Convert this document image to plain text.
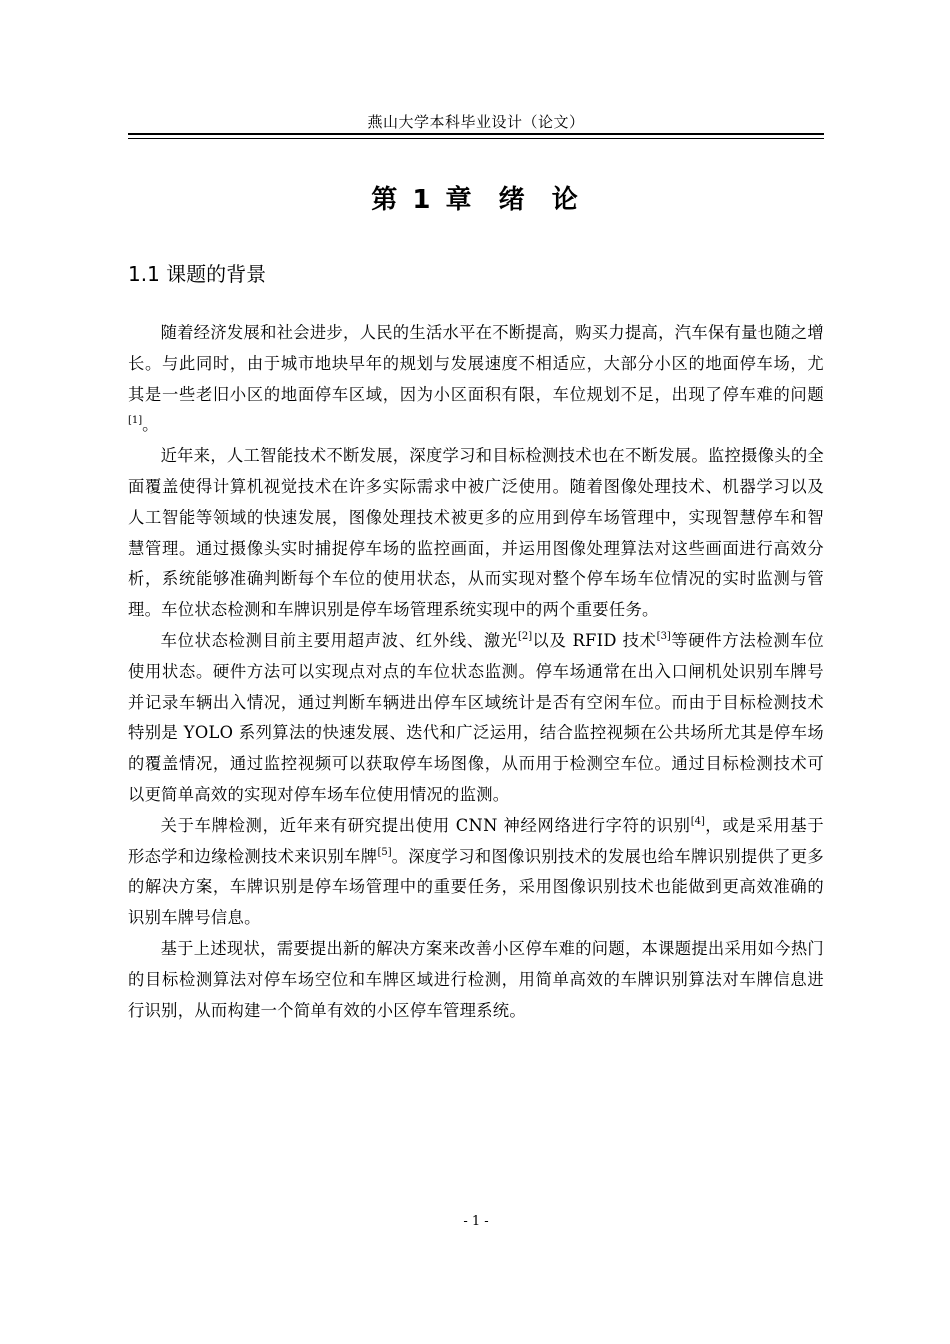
燕山大学本科毕业设计（论文）
第 1 章  绪  论
1.1 课题的背景

随着经济发展和社会进步，人民的生活水平在不断提高，购买力提高，汽车保有量也随之增长。与此同时，由于城市地块早年的规划与发展速度不相适应，大部分小区的地面停车场，尤其是一些老旧小区的地面停车区域，因为小区面积有限，车位规划不足，出现了停车难的问题[1]。

近年来，人工智能技术不断发展，深度学习和目标检测技术也在不断发展。监控摄像头的全面覆盖使得计算机视觉技术在许多实际需求中被广泛使用。随着图像处理技术、机器学习以及人工智能等领域的快速发展，图像处理技术被更多的应用到停车场管理中，实现智慧停车和智慧管理。通过摄像头实时捕捉停车场的监控画面，并运用图像处理算法对这些画面进行高效分析，系统能够准确判断每个车位的使用状态，从而实现对整个停车场车位情况的实时监测与管理。车位状态检测和车牌识别是停车场管理系统实现中的两个重要任务。

车位状态检测目前主要用超声波、红外线、激光[2]以及 RFID 技术[3]等硬件方法检测车位使用状态。硬件方法可以实现点对点的车位状态监测。停车场通常在出入口闸机处识别车牌号并记录车辆出入情况，通过判断车辆进出停车区域统计是否有空闲车位。而由于目标检测技术特别是 YOLO 系列算法的快速发展、迭代和广泛运用，结合监控视频在公共场所尤其是停车场的覆盖情况，通过监控视频可以获取停车场图像，从而用于检测空车位。通过目标检测技术可以更简单高效的实现对停车场车位使用情况的监测。

关于车牌检测，近年来有研究提出使用 CNN 神经网络进行字符的识别[4]，或是采用基于形态学和边缘检测技术来识别车牌[5]。深度学习和图像识别技术的发展也给车牌识别提供了更多的解决方案，车牌识别是停车场管理中的重要任务，采用图像识别技术也能做到更高效准确的识别车牌号信息。

基于上述现状，需要提出新的解决方案来改善小区停车难的问题，本课题提出采用如今热门的目标检测算法对停车场空位和车牌区域进行检测，用简单高效的车牌识别算法对车牌信息进行识别，从而构建一个简单有效的小区停车管理系统。

- 1 -
